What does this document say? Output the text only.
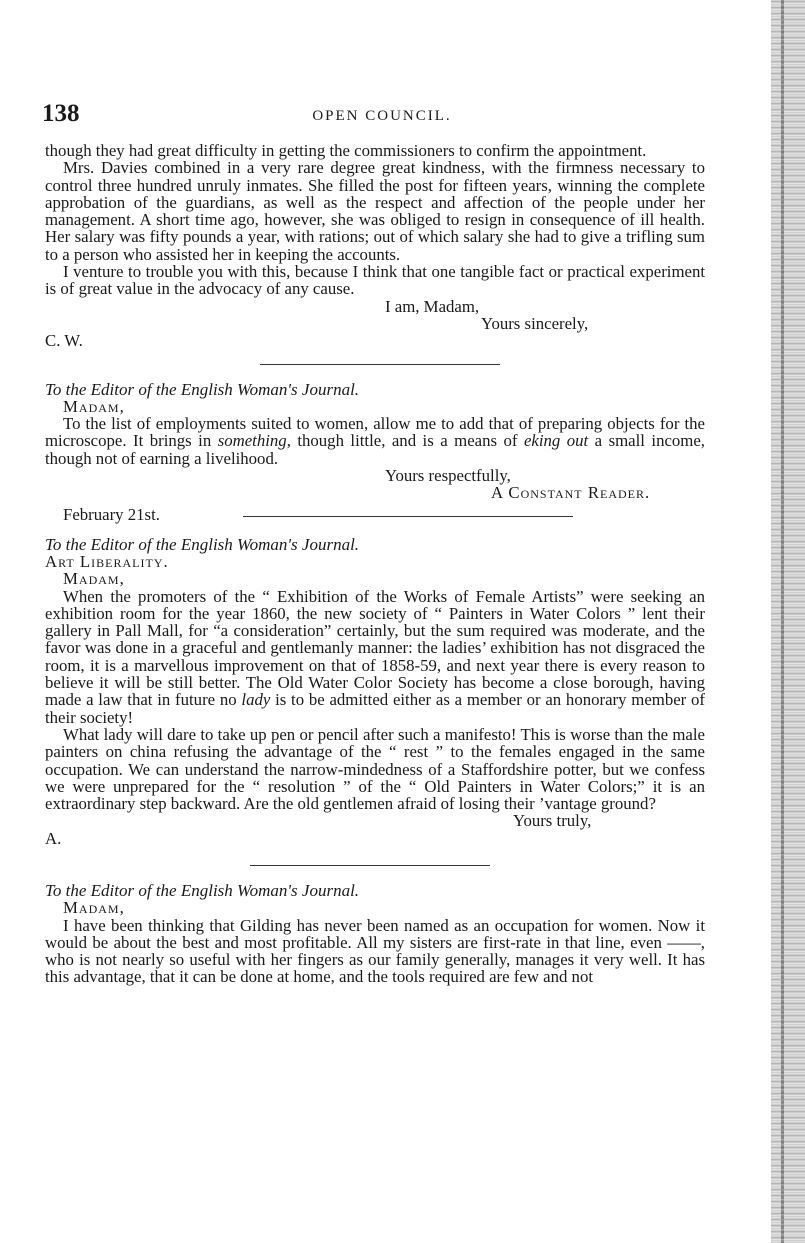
138	OPEN COUNCIL.

though they had great difficulty in getting the commissioners to confirm the appointment.

Mrs. Davies combined in a very rare degree great kindness, with the firmness necessary to control three hundred unruly inmates. She filled the post for fifteen years, winning the complete approbation of the guardians, as well as the respect and affection of the people under her management. A short time ago, however, she was obliged to resign in consequence of ill health. Her salary was fifty pounds a year, with rations; out of which salary she had to give a trifling sum to a person who assisted her in keeping the accounts.

I venture to trouble you with this, because I think that one tangible fact or practical experiment is of great value in the advocacy of any cause.

I am, Madam,

Yours sincerely,

C. W.

To the Editor of the English Woman's Journal.

Madam,

To the list of employments suited to women, allow me to add that of preparing objects for the microscope. It brings in something, though little, and is a means of eking out a small income, though not of earning a livelihood.

Yours respectfully,

A Constant Reader.

February 21st.

To the Editor of the English Woman's Journal.

Art Liberality.

Madam,

When the promoters of the “ Exhibition of the Works of Female Artists” were seeking an exhibition room for the year 1860, the new society of “ Painters in Water Colors ” lent their gallery in Pall Mall, for “a consideration” certainly, but the sum required was moderate, and the favor was done in a graceful and gentlemanly manner: the ladies’ exhibition has not disgraced the room, it is a marvellous improvement on that of 1858-59, and next year there is every reason to believe it will be still better. The Old Water Color Society has become a close borough, having made a law that in future no lady is to be admitted either as a member or an honorary member of their society!

What lady will dare to take up pen or pencil after such a manifesto! This is worse than the male painters on china refusing the advantage of the “ rest ” to the females engaged in the same occupation. We can understand the narrow-mindedness of a Staffordshire potter, but we confess we were unprepared for the “ resolution ” of the “ Old Painters in Water Colors;” it is an extraordinary step backward. Are the old gentlemen afraid of losing their ’vantage ground?

Yours truly,

A.

To the Editor of the English Woman's Journal.

Madam,

I have been thinking that Gilding has never been named as an occupation for women. Now it would be about the best and most profitable. All my sisters are first-rate in that line, even ——, who is not nearly so useful with her fingers as our family generally, manages it very well. It has this advantage, that it can be done at home, and the tools required are few and not
